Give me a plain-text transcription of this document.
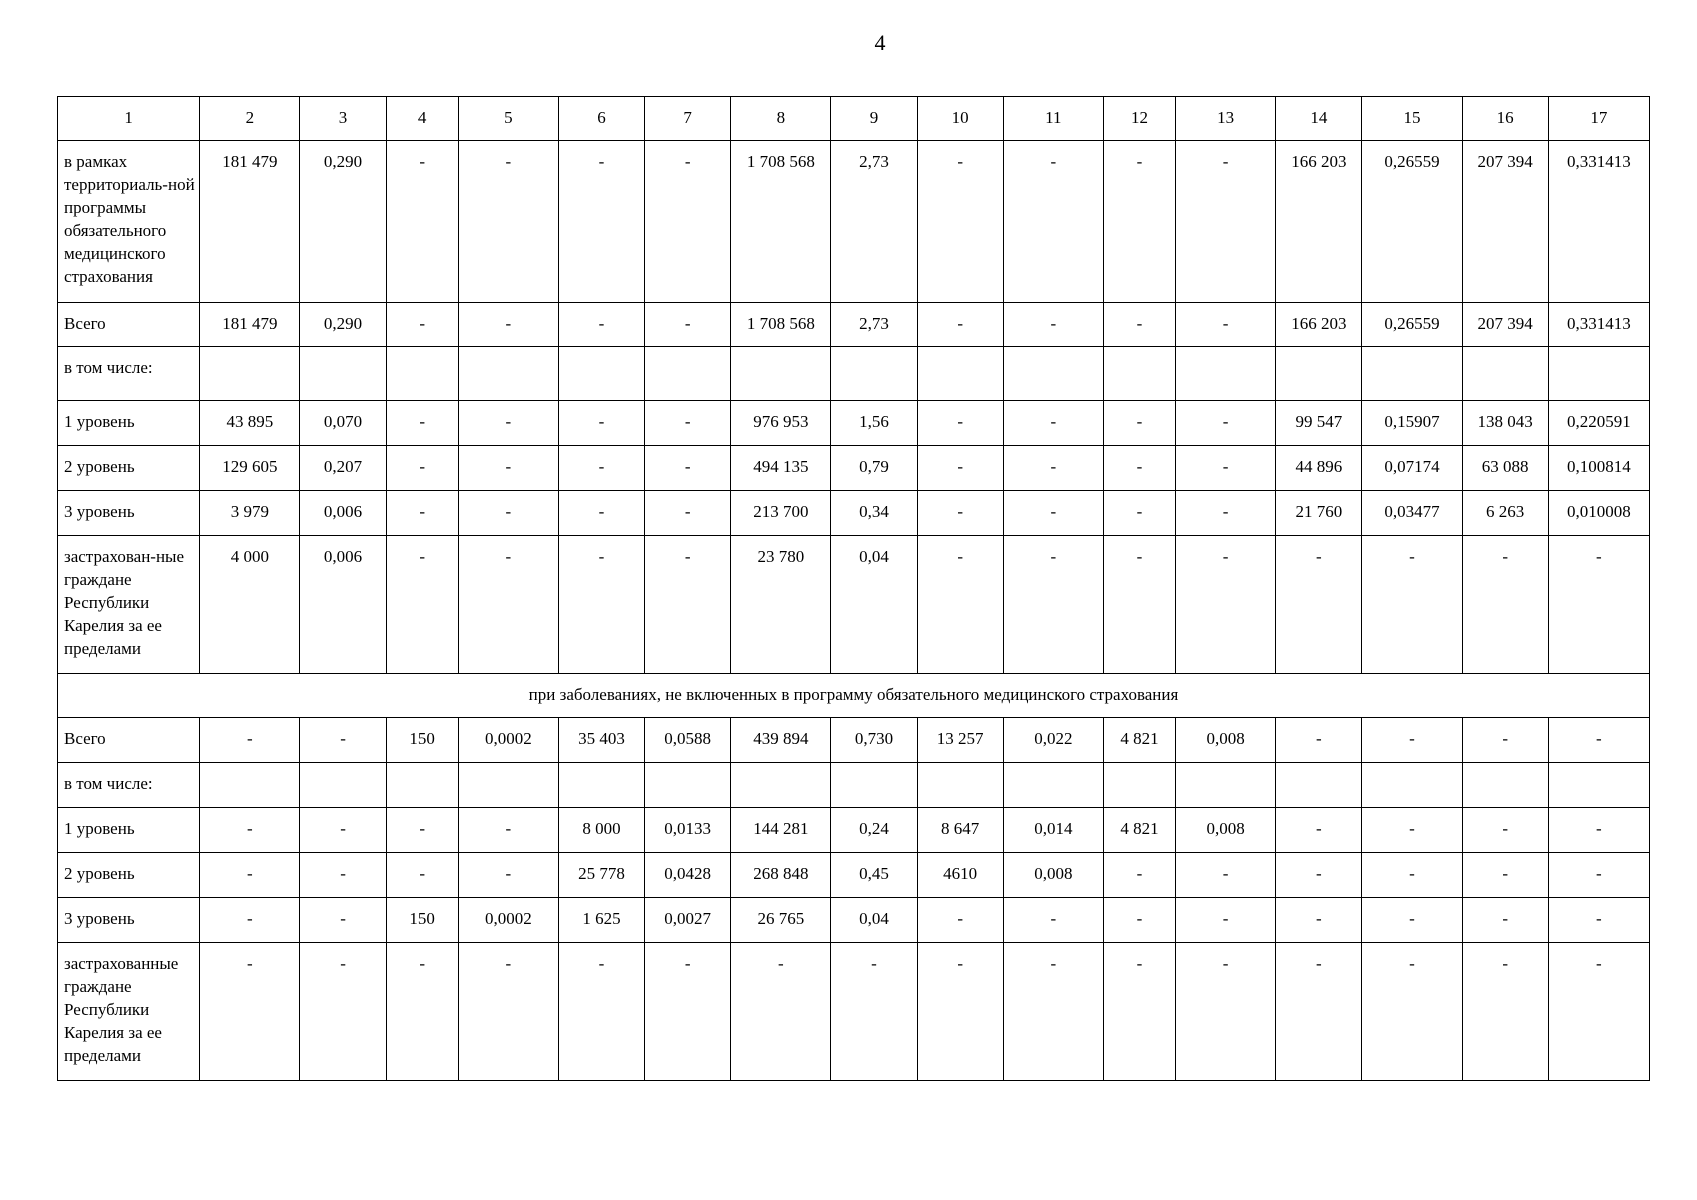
4
1	2	3	4	5	6	7	8	9	10	11	12	13	14	15	16	17

в рамках территориаль-ной программы обязательного медицинского страхования	181 479	0,290	-	-	-	-	1 708 568	2,73	-	-	-	-	166 203	0,26559	207 394	0,331413

Всего	181 479	0,290	-	-	-	-	1 708 568	2,73	-	-	-	-	166 203	0,26559	207 394	0,331413

в том числе:																

1 уровень	43 895	0,070	-	-	-	-	976 953	1,56	-	-	-	-	99 547	0,15907	138 043	0,220591

2 уровень	129 605	0,207	-	-	-	-	494 135	0,79	-	-	-	-	44 896	0,07174	63 088	0,100814

3 уровень	3 979	0,006	-	-	-	-	213 700	0,34	-	-	-	-	21 760	0,03477	6 263	0,010008

застрахован-ные граждане Республики Карелия за ее пределами	4 000	0,006	-	-	-	-	23 780	0,04	-	-	-	-	-	-	-	-

при заболеваниях, не включенных в программу обязательного медицинского страхования																

Всего	-	-	150	0,0002	35 403	0,0588	439 894	0,730	13 257	0,022	4 821	0,008	-	-	-	-

в том числе:																

1 уровень	-	-	-	-	8 000	0,0133	144 281	0,24	8 647	0,014	4 821	0,008	-	-	-	-

2 уровень	-	-	-	-	25 778	0,0428	268 848	0,45	4610	0,008	-	-	-	-	-	-

3 уровень	-	-	150	0,0002	1 625	0,0027	26 765	0,04	-	-	-	-	-	-	-	-

застрахованные граждане Республики Карелия за ее пределами	-	-	-	-	-	-	-	-	-	-	-	-	-	-	-	-
